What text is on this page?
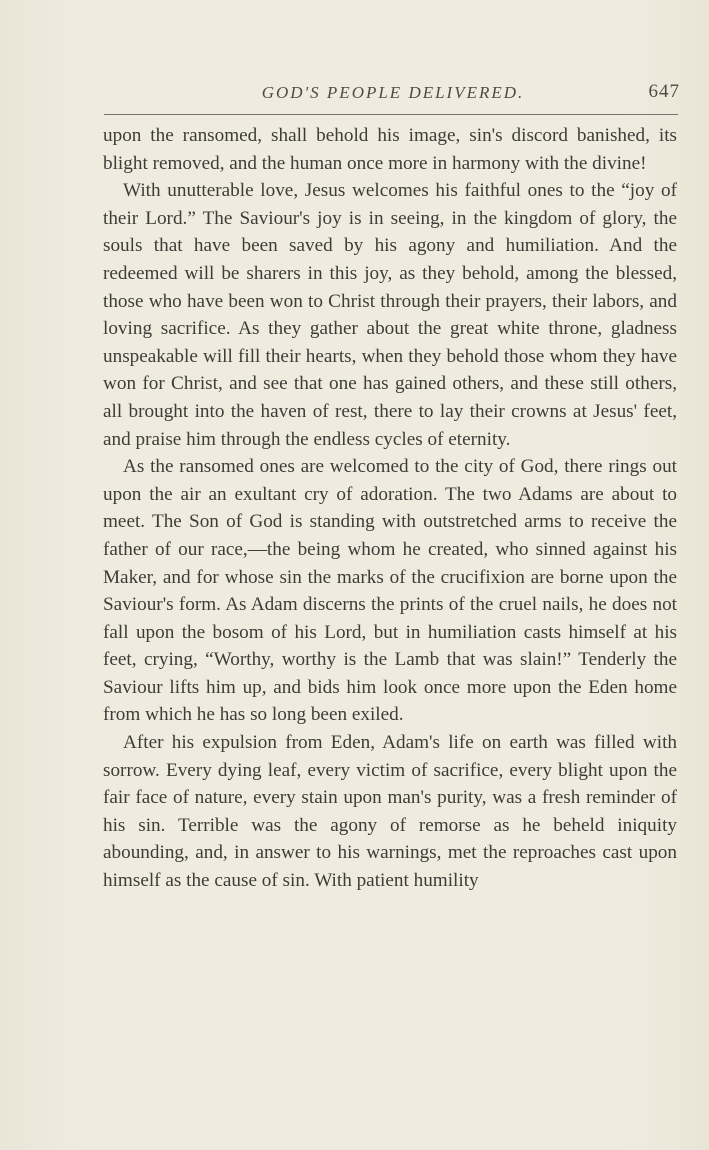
GOD'S PEOPLE DELIVERED.	647

upon the ransomed, shall behold his image, sin's discord banished, its blight removed, and the human once more in harmony with the divine!

With unutterable love, Jesus welcomes his faithful ones to the “joy of their Lord.” The Saviour's joy is in seeing, in the kingdom of glory, the souls that have been saved by his agony and humiliation. And the redeemed will be sharers in this joy, as they behold, among the blessed, those who have been won to Christ through their prayers, their labors, and loving sacrifice. As they gather about the great white throne, gladness unspeakable will fill their hearts, when they behold those whom they have won for Christ, and see that one has gained others, and these still others, all brought into the haven of rest, there to lay their crowns at Jesus' feet, and praise him through the endless cycles of eternity.

As the ransomed ones are welcomed to the city of God, there rings out upon the air an exultant cry of adoration. The two Adams are about to meet. The Son of God is standing with outstretched arms to receive the father of our race,—the being whom he created, who sinned against his Maker, and for whose sin the marks of the crucifixion are borne upon the Saviour's form. As Adam discerns the prints of the cruel nails, he does not fall upon the bosom of his Lord, but in humiliation casts himself at his feet, crying, “Worthy, worthy is the Lamb that was slain!” Tenderly the Saviour lifts him up, and bids him look once more upon the Eden home from which he has so long been exiled.

After his expulsion from Eden, Adam's life on earth was filled with sorrow. Every dying leaf, every victim of sacrifice, every blight upon the fair face of nature, every stain upon man's purity, was a fresh reminder of his sin. Terrible was the agony of remorse as he beheld iniquity abounding, and, in answer to his warnings, met the reproaches cast upon himself as the cause of sin. With patient humility
